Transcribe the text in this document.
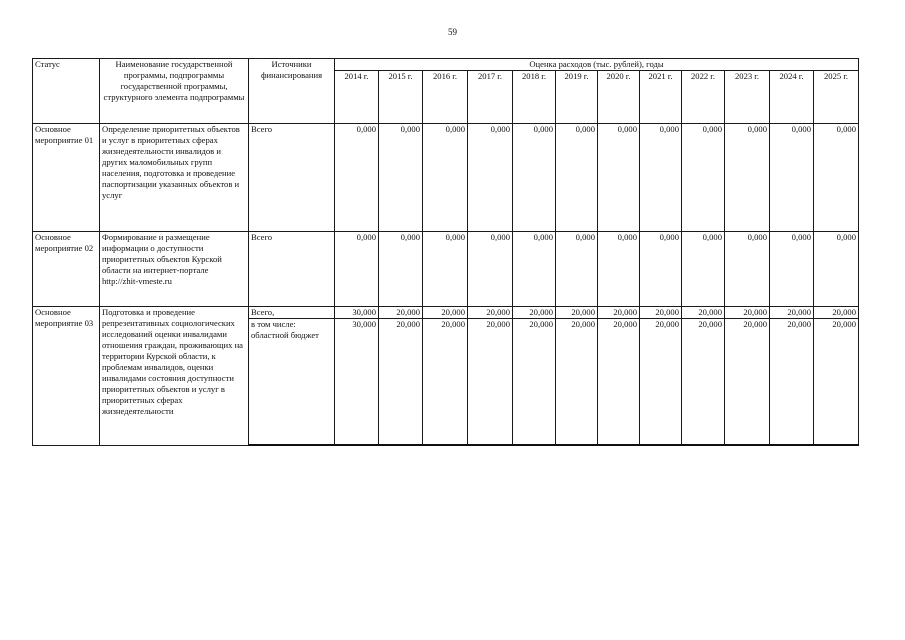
59
Статус	Наименование государственной программы, подпрограммы государственной программы, структурного элемента подпрограммы	Источники финансирования	Оценка расходов (тыс. рублей), годы											
			2014 г.	2015 г.	2016 г.	2017 г.	2018 г.	2019 г.	2020 г.	2021 г.	2022 г.	2023 г.	2024 г.	2025 г.
Основное мероприятие 01	Определение приоритетных объектов и услуг в приоритетных сферах жизнедеятельности инвалидов и других маломобильных групп населения, подготовка и проведение паспортизации указанных объектов и услуг	Всего	0,000	0,000	0,000	0,000	0,000	0,000	0,000	0,000	0,000	0,000	0,000	0,000
Основное мероприятие 02	Формирование и размещение информации о доступности приоритетных объектов Курской области на интернет-портале http://zhit-vmeste.ru	Всего	0,000	0,000	0,000	0,000	0,000	0,000	0,000	0,000	0,000	0,000	0,000	0,000
Основное мероприятие 03	Подготовка и проведение репрезентативных социологических исследований оценки инвалидами отношения граждан, проживающих на территории Курской области, к проблемам инвалидов, оценки инвалидами состояния доступности приоритетных объектов и услуг в приоритетных сферах жизнедеятельности	Всего,	30,000	20,000	20,000	20,000	20,000	20,000	20,000	20,000	20,000	20,000	20,000	20,000
		в том числе: областной бюджет	30,000	20,000	20,000	20,000	20,000	20,000	20,000	20,000	20,000	20,000	20,000	20,000
